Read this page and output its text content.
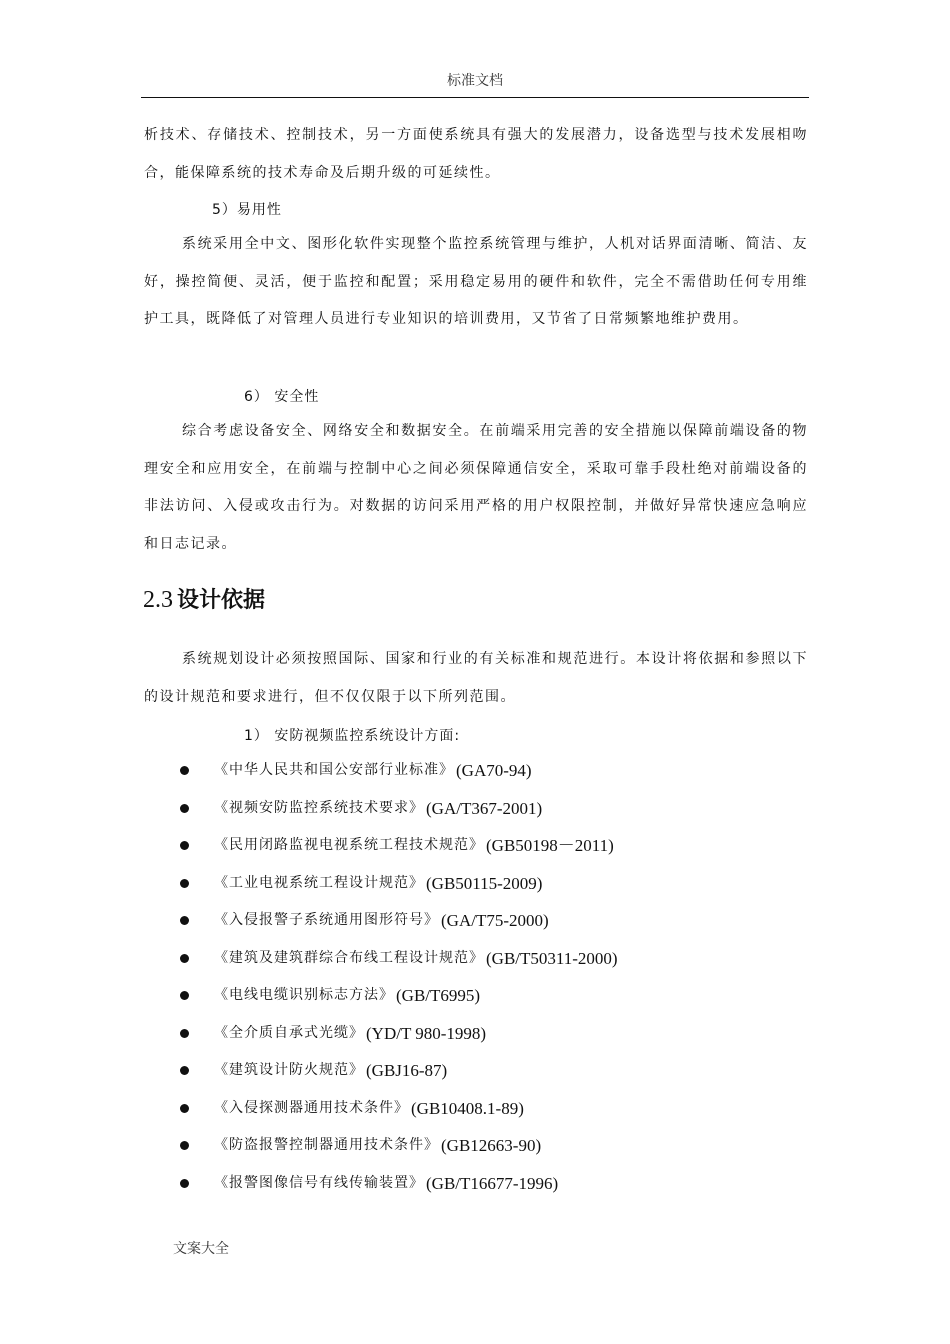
标准文档
析技术、存储技术、控制技术，另一方面使系统具有强大的发展潜力，设备选型与技术发展相吻合，能保障系统的技术寿命及后期升级的可延续性。
5）易用性
系统采用全中文、图形化软件实现整个监控系统管理与维护，人机对话界面清晰、简洁、友好，操控简便、灵活，便于监控和配置；采用稳定易用的硬件和软件，完全不需借助任何专用维护工具，既降低了对管理人员进行专业知识的培训费用，又节省了日常频繁地维护费用。
6） 安全性
综合考虑设备安全、网络安全和数据安全。在前端采用完善的安全措施以保障前端设备的物理安全和应用安全，在前端与控制中心之间必须保障通信安全，采取可靠手段杜绝对前端设备的非法访问、入侵或攻击行为。对数据的访问采用严格的用户权限控制，并做好异常快速应急响应和日志记录。
2.3 设计依据
系统规划设计必须按照国际、国家和行业的有关标准和规范进行。本设计将依据和参照以下的设计规范和要求进行，但不仅仅限于以下所列范围。
1） 安防视频监控系统设计方面:
《中华人民共和国公安部行业标准》 (GA70-94)
《视频安防监控系统技术要求》 (GA/T367-2001)
《民用闭路监视电视系统工程技术规范》 (GB50198－2011)
《工业电视系统工程设计规范》 (GB50115-2009)
《入侵报警子系统通用图形符号》 (GA/T75-2000)
《建筑及建筑群综合布线工程设计规范》 (GB/T50311-2000)
《电线电缆识别标志方法》 (GB/T6995)
《全介质自承式光缆》 (YD/T 980-1998)
《建筑设计防火规范》 (GBJ16-87)
《入侵探测器通用技术条件》 (GB10408.1-89)
《防盗报警控制器通用技术条件》 (GB12663-90)
《报警图像信号有线传输装置》 (GB/T16677-1996)
文案大全
